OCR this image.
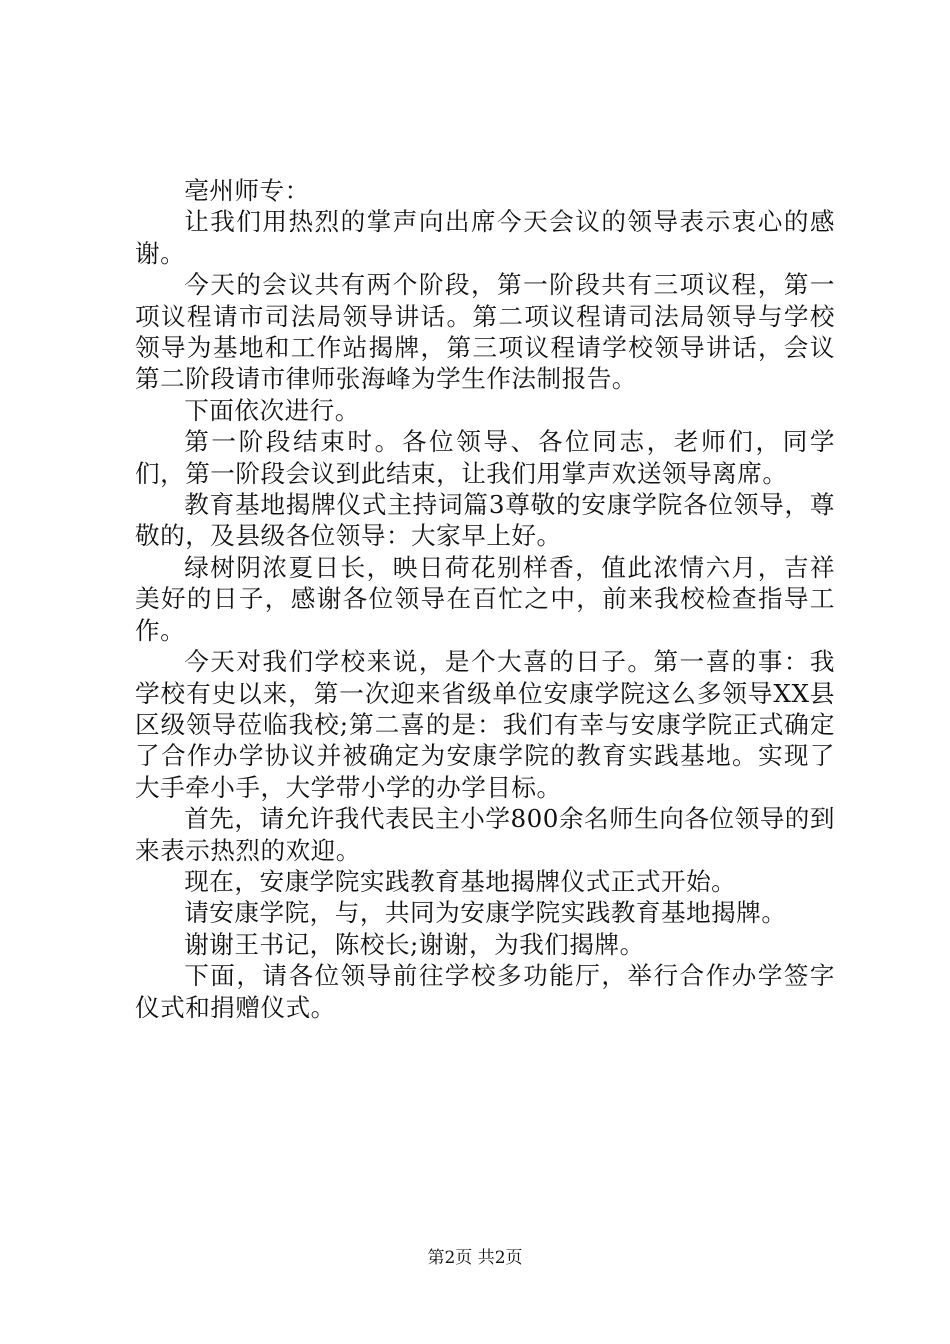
亳州师专：

让我们用热烈的掌声向出席今天会议的领导表示衷心的感谢。

今天的会议共有两个阶段，第一阶段共有三项议程，第一项议程请市司法局领导讲话。第二项议程请司法局领导与学校领导为基地和工作站揭牌，第三项议程请学校领导讲话，会议第二阶段请市律师张海峰为学生作法制报告。

下面依次进行。

第一阶段结束时。各位领导、各位同志，老师们，同学们，第一阶段会议到此结束，让我们用掌声欢送领导离席。

教育基地揭牌仪式主持词篇3尊敬的安康学院各位领导，尊敬的，及县级各位领导：大家早上好。

绿树阴浓夏日长，映日荷花别样香，值此浓情六月，吉祥美好的日子，感谢各位领导在百忙之中，前来我校检查指导工作。

今天对我们学校来说，是个大喜的日子。第一喜的事：我学校有史以来，第一次迎来省级单位安康学院这么多领导XX县区级领导莅临我校;第二喜的是：我们有幸与安康学院正式确定了合作办学协议并被确定为安康学院的教育实践基地。实现了大手牵小手，大学带小学的办学目标。

首先，请允许我代表民主小学800余名师生向各位领导的到来表示热烈的欢迎。

现在，安康学院实践教育基地揭牌仪式正式开始。

请安康学院，与，共同为安康学院实践教育基地揭牌。

谢谢王书记，陈校长;谢谢，为我们揭牌。

下面，请各位领导前往学校多功能厅，举行合作办学签字仪式和捐赠仪式。

第2页 共2页
